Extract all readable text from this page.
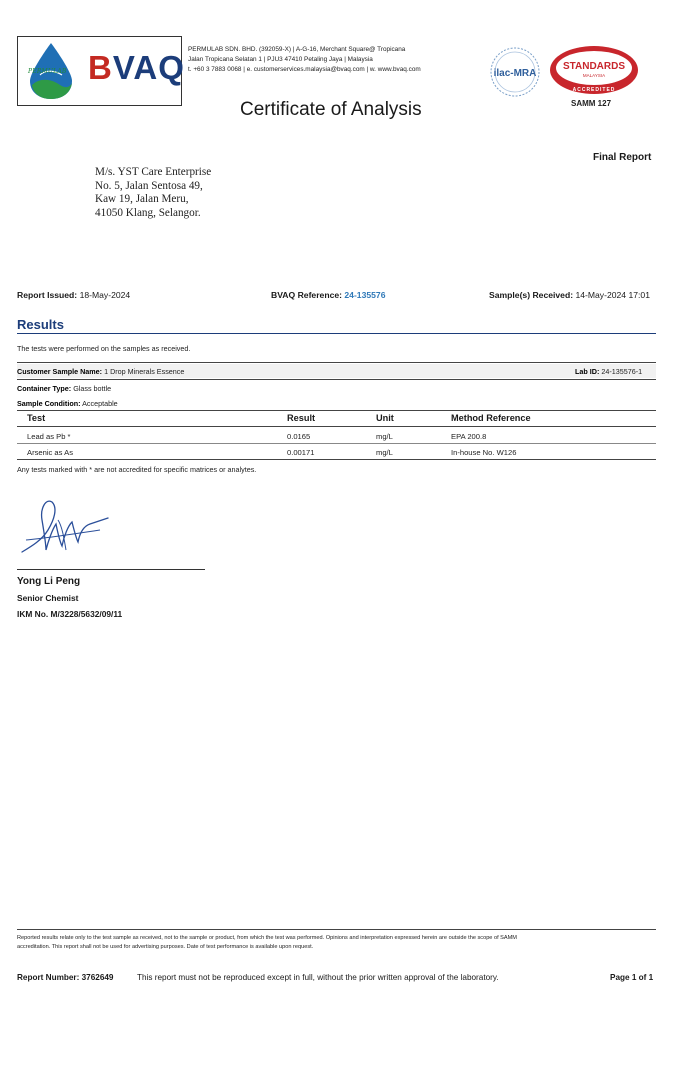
PERMULAB BVAQ PERMULAB SDN. BHD. (392059-X) | A-G-16, Merchant Square@ Tropicana
Jalan Tropicana Selatan 1 | PJU3 47410 Petaling Jaya | Malaysia
t. +60 3 7883 0068 | e. customerservices.malaysia@bvaq.com | w. www.bvaq.com	ilac-MRA
STANDARDS
MALAYSIA
ACCREDITED
SAMM 127
Certificate of Analysis
Final Report
M/s. YST Care Enterprise
No. 5, Jalan Sentosa 49,
Kaw 19, Jalan Meru,
41050 Klang, Selangor.
Report Issued: 18-May-2024	BVAQ Reference: 24-135576	Sample(s) Received: 14-May-2024 17:01
Results
The tests were performed on the samples as received.
Customer Sample Name: 1 Drop Minerals Essence	Lab ID: 24-135576-1
Container Type: Glass bottle
Sample Condition: Acceptable
Test	Result	Unit	Method Reference
Lead as Pb *	0.0165	mg/L	EPA 200.8
Arsenic as As	0.00171	mg/L	In-house No. W126
Any tests marked with * are not accredited for specific matrices or analytes.
Yong Li Peng
Senior Chemist
IKM No. M/3228/5632/09/11
Reported results relate only to the test sample as received, not to the sample or product, from which the test was performed. Opinions and interpretation expressed herein are outside the scope of SAMM
accreditation. This report shall not be used for advertising purposes. Date of test performance is available upon request.
Report Number: 3762649	This report must not be reproduced except in full, without the prior written approval of the laboratory.	Page 1 of 1
